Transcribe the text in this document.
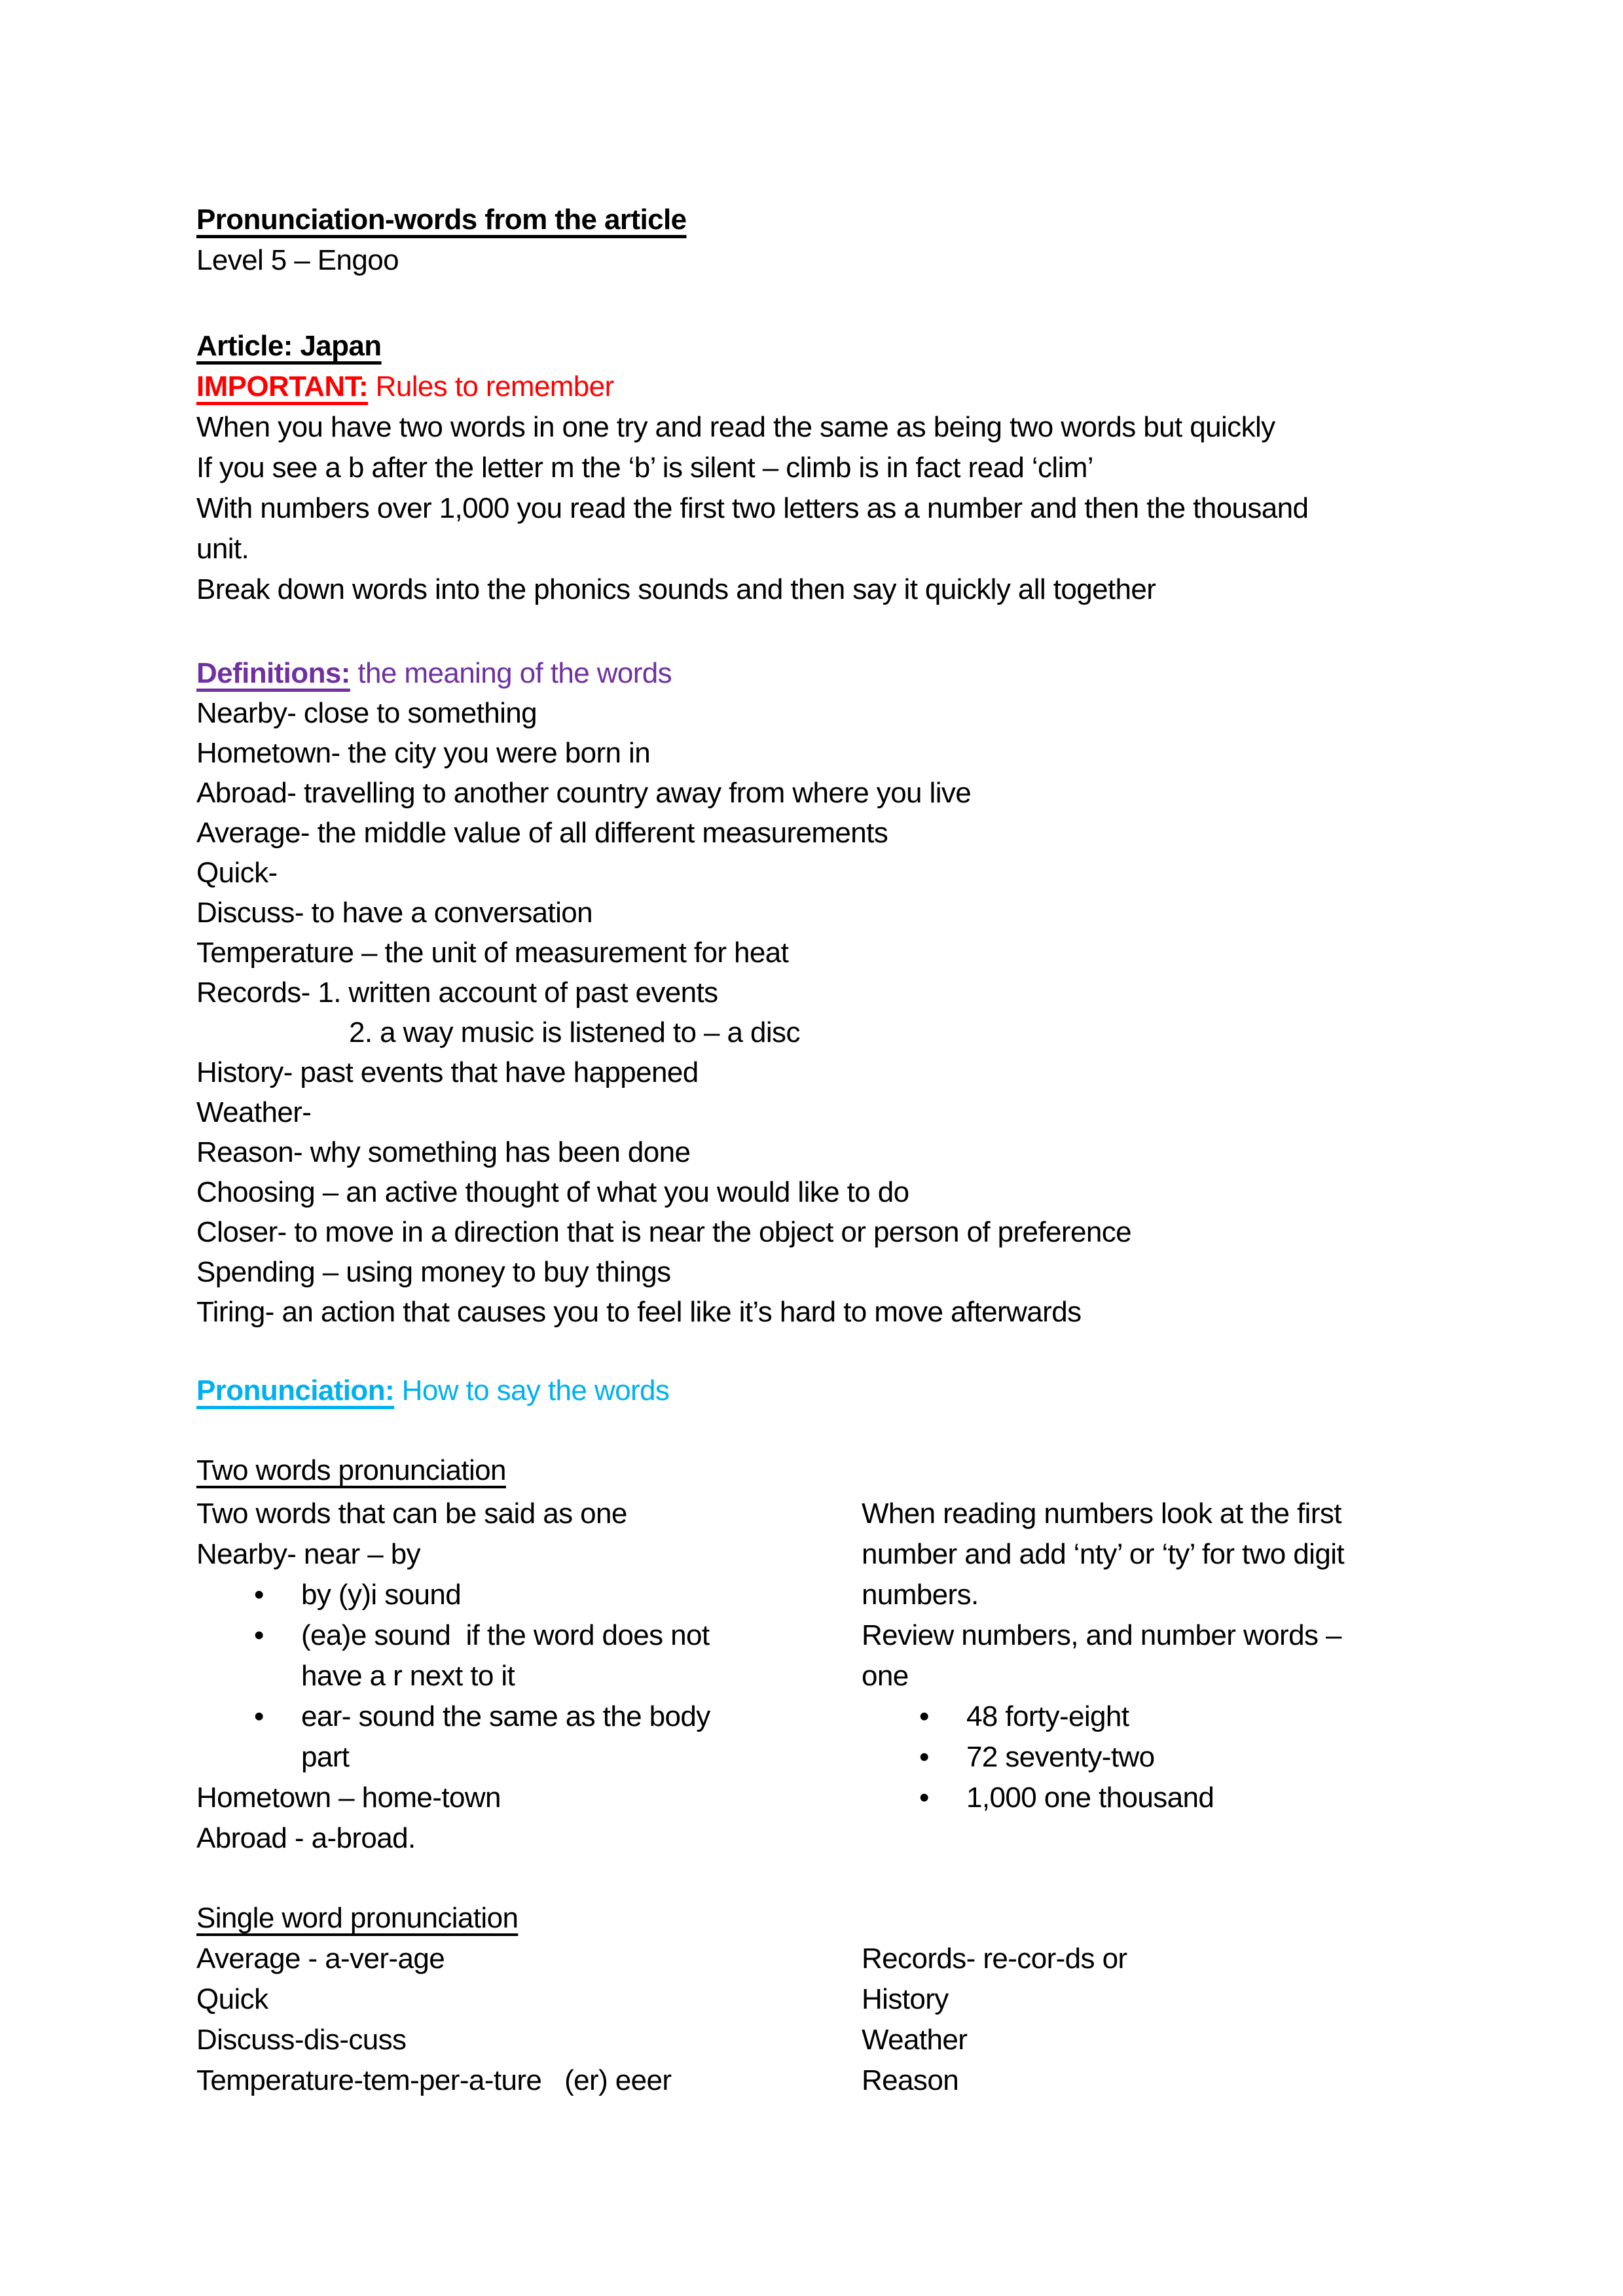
Pronunciation-words from the article
Level 5 – Engoo
Article: Japan
IMPORTANT: Rules to remember
When you have two words in one try and read the same as being two words but quickly
If you see a b after the letter m the ‘b’ is silent – climb is in fact read ‘clim’
With numbers over 1,000 you read the first two letters as a number and then the thousand
unit.
Break down words into the phonics sounds and then say it quickly all together
Definitions: the meaning of the words
Nearby- close to something
Hometown- the city you were born in
Abroad- travelling to another country away from where you live
Average- the middle value of all different measurements
Quick-
Discuss- to have a conversation
Temperature – the unit of measurement for heat
Records- 1. written account of past events
2. a way music is listened to – a disc
History- past events that have happened
Weather-
Reason- why something has been done
Choosing – an active thought of what you would like to do
Closer- to move in a direction that is near the object or person of preference
Spending – using money to buy things
Tiring- an action that causes you to feel like it’s hard to move afterwards
Pronunciation: How to say the words
Two words pronunciation
Two words that can be said as one
Nearby- near – by
• by (y)i sound
• (ea)e sound  if the word does not
have a r next to it
• ear- sound the same as the body
part
Hometown – home-town
Abroad - a-broad.
When reading numbers look at the first
number and add ‘nty’ or ‘ty’ for two digit
numbers.
Review numbers, and number words –
one
• 48 forty-eight
• 72 seventy-two
• 1,000 one thousand
Single word pronunciation
Average - a-ver-age
Quick
Discuss-dis-cuss
Temperature-tem-per-a-ture   (er) eeer
Records- re-cor-ds or
History
Weather
Reason
